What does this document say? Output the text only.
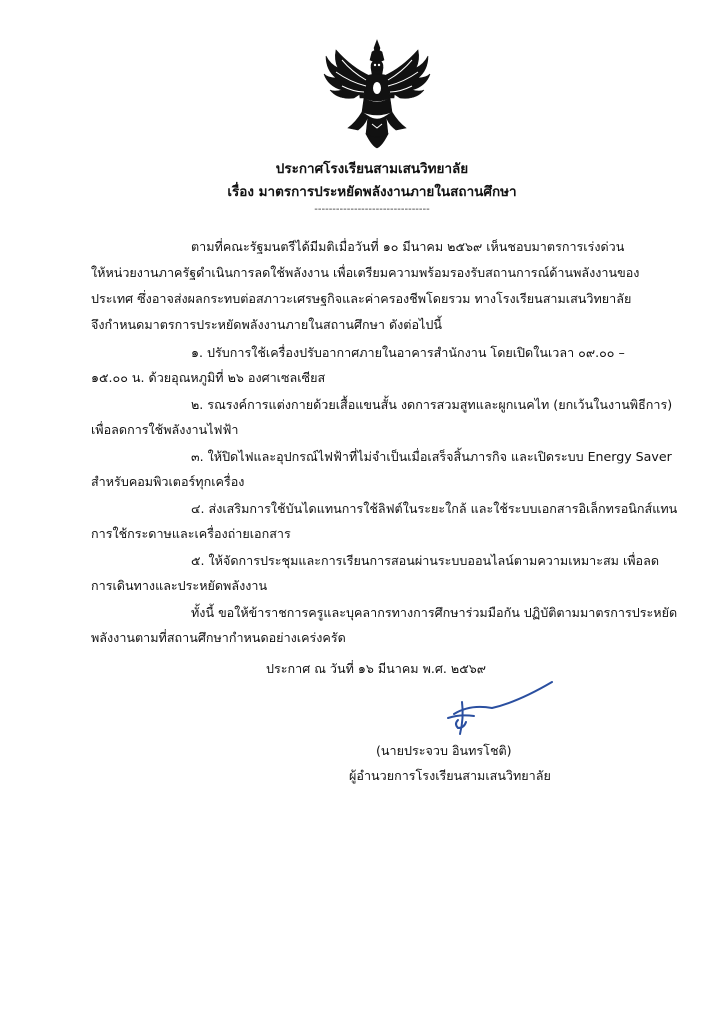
ประกาศโรงเรียนสามเสนวิทยาลัย
เรื่อง มาตรการประหยัดพลังงานภายในสถานศึกษา
--------------------------------
ตามที่คณะรัฐมนตรีได้มีมติเมื่อวันที่ ๑๐ มีนาคม ๒๕๖๙ เห็นชอบมาตรการเร่งด่วน
ให้หน่วยงานภาครัฐดำเนินการลดใช้พลังงาน เพื่อเตรียมความพร้อมรองรับสถานการณ์ด้านพลังงานของ
ประเทศ ซึ่งอาจส่งผลกระทบต่อสภาวะเศรษฐกิจและค่าครองชีพโดยรวม ทางโรงเรียนสามเสนวิทยาลัย
จึงกำหนดมาตรการประหยัดพลังงานภายในสถานศึกษา ดังต่อไปนี้
๑. ปรับการใช้เครื่องปรับอากาศภายในอาคารสำนักงาน โดยเปิดในเวลา ๐๙.๐๐ –
๑๕.๐๐ น. ด้วยอุณหภูมิที่ ๒๖ องศาเซลเซียส
๒. รณรงค์การแต่งกายด้วยเสื้อแขนสั้น งดการสวมสูทและผูกเนคไท (ยกเว้นในงานพิธีการ)
เพื่อลดการใช้พลังงานไฟฟ้า
๓. ให้ปิดไฟและอุปกรณ์ไฟฟ้าที่ไม่จำเป็นเมื่อเสร็จสิ้นภารกิจ และเปิดระบบ Energy Saver
สำหรับคอมพิวเตอร์ทุกเครื่อง
๔. ส่งเสริมการใช้บันไดแทนการใช้ลิฟต์ในระยะใกล้ และใช้ระบบเอกสารอิเล็กทรอนิกส์แทน
การใช้กระดาษและเครื่องถ่ายเอกสาร
๕. ให้จัดการประชุมและการเรียนการสอนผ่านระบบออนไลน์ตามความเหมาะสม เพื่อลด
การเดินทางและประหยัดพลังงาน
ทั้งนี้ ขอให้ข้าราชการครูและบุคลากรทางการศึกษาร่วมมือกัน ปฏิบัติตามมาตรการประหยัด
พลังงานตามที่สถานศึกษากำหนดอย่างเคร่งครัด
ประกาศ ณ วันที่ ๑๖ มีนาคม พ.ศ. ๒๕๖๙
(นายประจวบ อินทรโชติ)
ผู้อำนวยการโรงเรียนสามเสนวิทยาลัย
